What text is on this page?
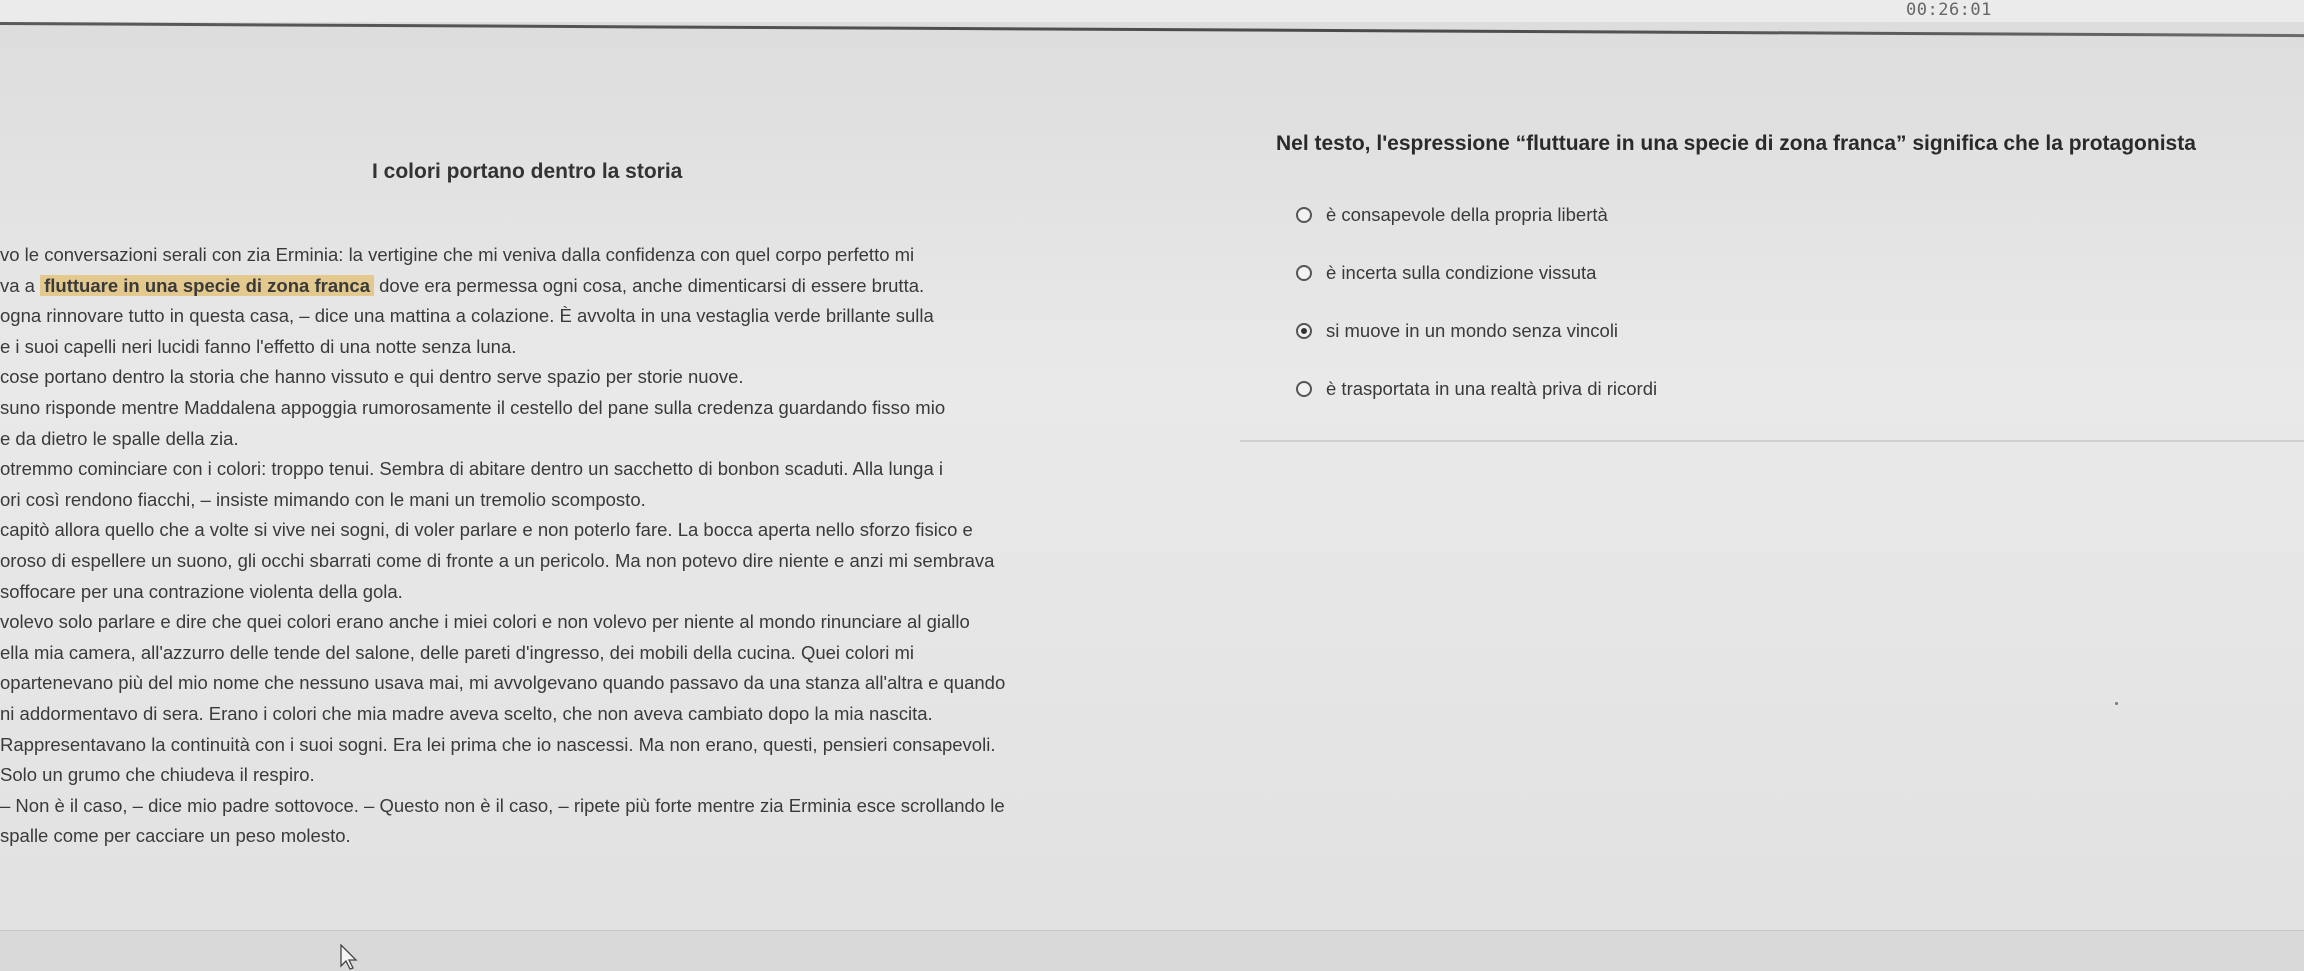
00:26:01
I colori portano dentro la storia
vo le conversazioni serali con zia Erminia: la vertigine che mi veniva dalla confidenza con quel corpo perfetto mi
va a fluttuare in una specie di zona franca dove era permessa ogni cosa, anche dimenticarsi di essere brutta.
ogna rinnovare tutto in questa casa, – dice una mattina a colazione. È avvolta in una vestaglia verde brillante sulla
e i suoi capelli neri lucidi fanno l'effetto di una notte senza luna.
cose portano dentro la storia che hanno vissuto e qui dentro serve spazio per storie nuove.
suno risponde mentre Maddalena appoggia rumorosamente il cestello del pane sulla credenza guardando fisso mio
e da dietro le spalle della zia.
otremmo cominciare con i colori: troppo tenui. Sembra di abitare dentro un sacchetto di bonbon scaduti. Alla lunga i
ori così rendono fiacchi, – insiste mimando con le mani un tremolio scomposto.
capitò allora quello che a volte si vive nei sogni, di voler parlare e non poterlo fare. La bocca aperta nello sforzo fisico e
oroso di espellere un suono, gli occhi sbarrati come di fronte a un pericolo. Ma non potevo dire niente e anzi mi sembrava
soffocare per una contrazione violenta della gola.
volevo solo parlare e dire che quei colori erano anche i miei colori e non volevo per niente al mondo rinunciare al giallo
ella mia camera, all'azzurro delle tende del salone, delle pareti d'ingresso, dei mobili della cucina. Quei colori mi
opartenevano più del mio nome che nessuno usava mai, mi avvolgevano quando passavo da una stanza all'altra e quando
ni addormentavo di sera. Erano i colori che mia madre aveva scelto, che non aveva cambiato dopo la mia nascita.
Rappresentavano la continuità con i suoi sogni. Era lei prima che io nascessi. Ma non erano, questi, pensieri consapevoli.
Solo un grumo che chiudeva il respiro.
– Non è il caso, – dice mio padre sottovoce. – Questo non è il caso, – ripete più forte mentre zia Erminia esce scrollando le
spalle come per cacciare un peso molesto.
Nel testo, l'espressione “fluttuare in una specie di zona franca” significa che la protagonista
è consapevole della propria libertà
è incerta sulla condizione vissuta
si muove in un mondo senza vincoli
è trasportata in una realtà priva di ricordi
